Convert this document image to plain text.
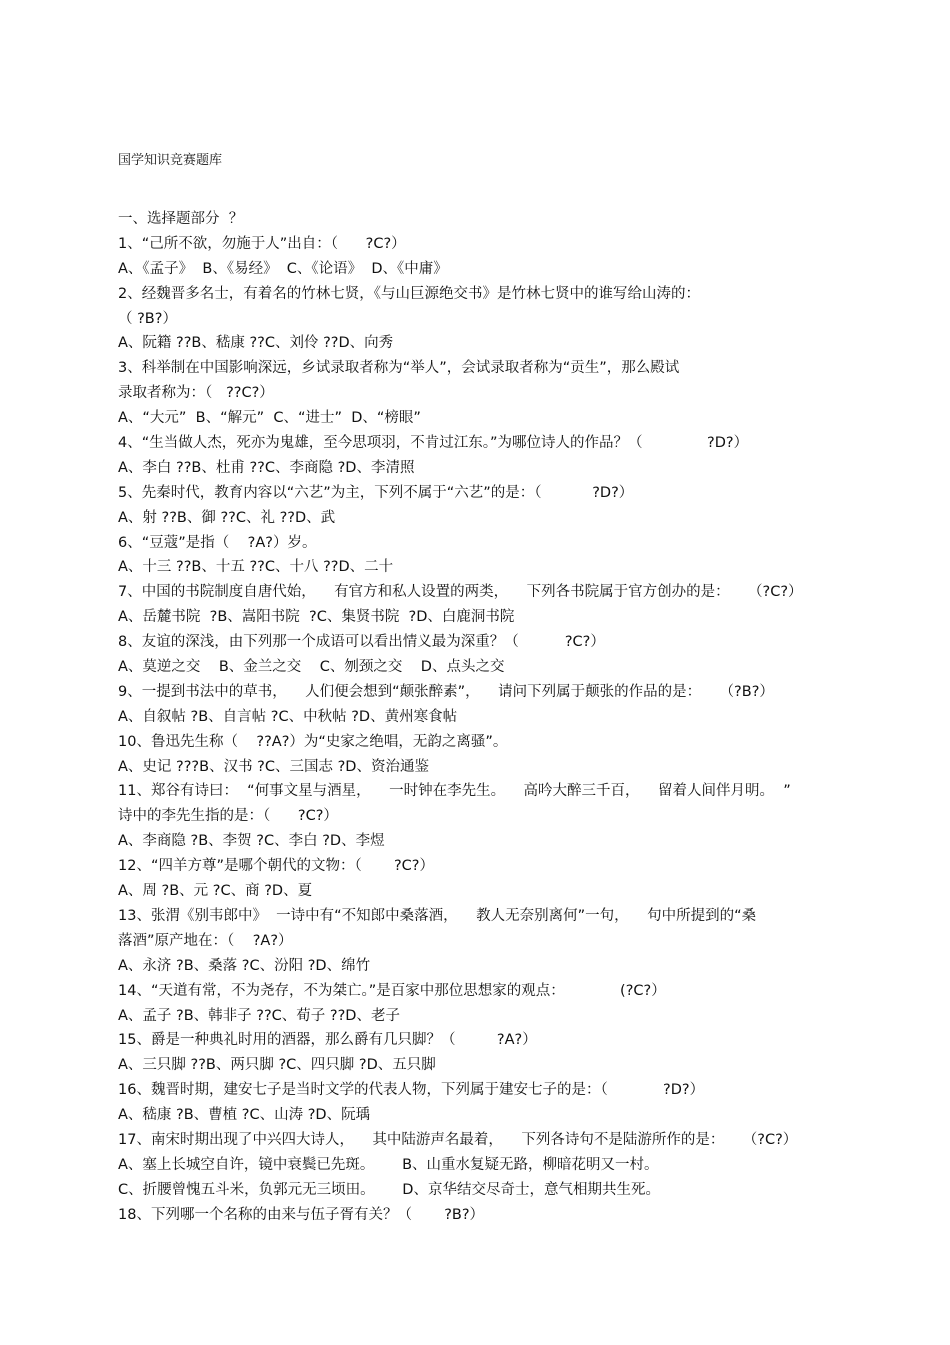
国学知识竞赛题库
一、选择题部分  ？
1、“己所不欲，勿施于人”出自：（      ?C?）
A、《孟子》  B、《易经》  C、《论语》  D、《中庸》
2、经魏晋多名士，有着名的竹林七贤，《与山巨源绝交书》是竹林七贤中的谁写给山涛的：
（ ?B?）
A、阮籍 ??B、嵇康 ??C、刘伶 ??D、向秀
3、科举制在中国影响深远，乡试录取者称为“举人”，会试录取者称为“贡生”，那么殿试
录取者称为：（   ??C?）
A、“大元”  B、“解元”  C、“进士”  D、“榜眼”
4、“生当做人杰，死亦为鬼雄，至今思项羽，不肯过江东。”为哪位诗人的作品？（              ?D?）
A、李白 ??B、杜甫 ??C、李商隐 ?D、李清照
5、先秦时代，教育内容以“六艺”为主，下列不属于“六艺”的是：（           ?D?）
A、射 ??B、御 ??C、礼 ??D、武
6、“豆蔻”是指（    ?A?）岁。
A、十三 ??B、十五 ??C、十八 ??D、二十
7、中国的书院制度自唐代始，    有官方和私人设置的两类，    下列各书院属于官方创办的是：    （?C?）
A、岳麓书院  ?B、嵩阳书院  ?C、集贤书院  ?D、白鹿洞书院
8、友谊的深浅，由下列那一个成语可以看出情义最为深重？（          ?C?）
A、莫逆之交    B、金兰之交    C、刎颈之交    D、点头之交
9、一提到书法中的草书，    人们便会想到“颠张醉素”，    请问下列属于颠张的作品的是：    （?B?）
A、自叙帖 ?B、自言帖 ?C、中秋帖 ?D、黄州寒食帖
10、鲁迅先生称（    ??A?）为“史家之绝唱，无韵之离骚”。
A、史记 ???B、汉书 ?C、三国志 ?D、资治通鉴
11、郑谷有诗曰：  “何事文星与酒星，    一时钟在李先生。    高吟大醉三千百，    留着人间伴月明。  ”
诗中的李先生指的是：（      ?C?）
A、李商隐 ?B、李贺 ?C、李白 ?D、李煜
12、“四羊方尊”是哪个朝代的文物：（       ?C?）
A、周 ?B、元 ?C、商 ?D、夏
13、张渭《别韦郎中》  一诗中有“不知郎中桑落酒，    教人无奈别离何”一句，    句中所提到的“桑
落酒”原产地在：（    ?A?）
A、永济 ?B、桑落 ?C、汾阳 ?D、绵竹
14、“天道有常，不为尧存，不为桀亡。”是百家中那位思想家的观点：            (?C?）
A、孟子 ?B、韩非子 ??C、荀子 ??D、老子
15、爵是一种典礼时用的酒器，那么爵有几只脚？（         ?A?）
A、三只脚 ??B、两只脚 ?C、四只脚 ?D、五只脚
16、魏晋时期，建安七子是当时文学的代表人物，下列属于建安七子的是：（            ?D?）
A、嵇康 ?B、曹植 ?C、山涛 ?D、阮瑀
17、南宋时期出现了中兴四大诗人，    其中陆游声名最着，    下列各诗句不是陆游所作的是：    （?C?）
A、塞上长城空自许，镜中衰鬓已先斑。      B、山重水复疑无路，柳暗花明又一村。
C、折腰曾愧五斗米，负郭元无三顷田。      D、京华结交尽奇士，意气相期共生死。
18、下列哪一个名称的由来与伍子胥有关？（       ?B?）
